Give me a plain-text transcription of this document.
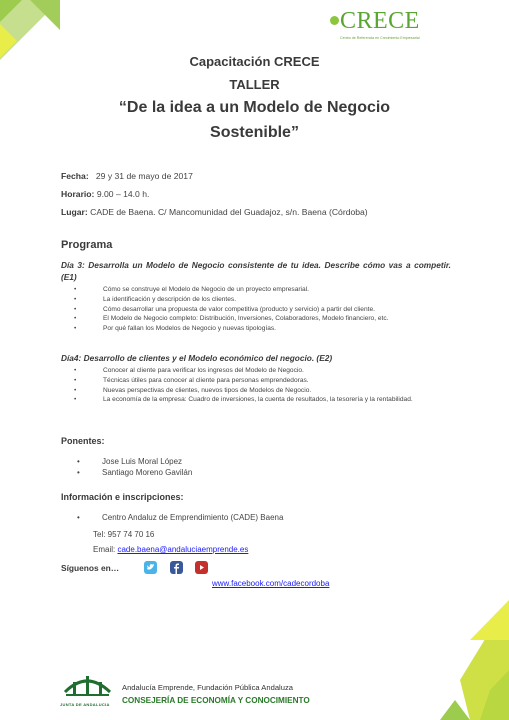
CRECE
Centro de Referencia en Crecimiento Empresarial
Capacitación CRECE
TALLER
“De la idea a un Modelo de Negocio
Sostenible”
Fecha: 29 y 31 de mayo de 2017
Horario: 9.00 – 14.0 h.
Lugar: CADE de Baena. C/ Mancomunidad del Guadajoz, s/n. Baena (Córdoba)
Programa
Día 3: Desarrolla un Modelo de Negocio consistente de tu idea. Describe cómo vas a competir. (E1)
•	Cómo se construye el Modelo de Negocio de un proyecto empresarial.
•	La identificación y descripción de los clientes.
•	Cómo desarrollar una propuesta de valor competitiva (producto y servicio) a partir del cliente.
•	El Modelo de Negocio completo: Distribución, Inversiones, Colaboradores, Modelo financiero, etc.
•	Por qué fallan los Modelos de Negocio y nuevas tipologías.
Día4: Desarrollo de clientes y el Modelo económico del negocio. (E2)
•	Conocer al cliente para verificar los ingresos del Modelo de Negocio.
•	Técnicas útiles para conocer al cliente para personas emprendedoras.
•	Nuevas perspectivas de clientes, nuevos tipos de Modelos de Negocio.
•	La economía de la empresa: Cuadro de inversiones, la cuenta de resultados, la tesorería y la rentabilidad.
Ponentes:
•	Jose Luis Moral López
•	Santiago Moreno Gavilán
Información e inscripciones:
•	Centro Andaluz de Emprendimiento (CADE) Baena
Tel: 957 74 70 16
Email: cade.baena@andaluciaemprende.es
Síguenos en…
www.facebook.com/cadecordoba
JUNTA DE ANDALUCIA
Andalucía Emprende, Fundación Pública Andaluza
CONSEJERÍA DE ECONOMÍA Y CONOCIMIENTO
